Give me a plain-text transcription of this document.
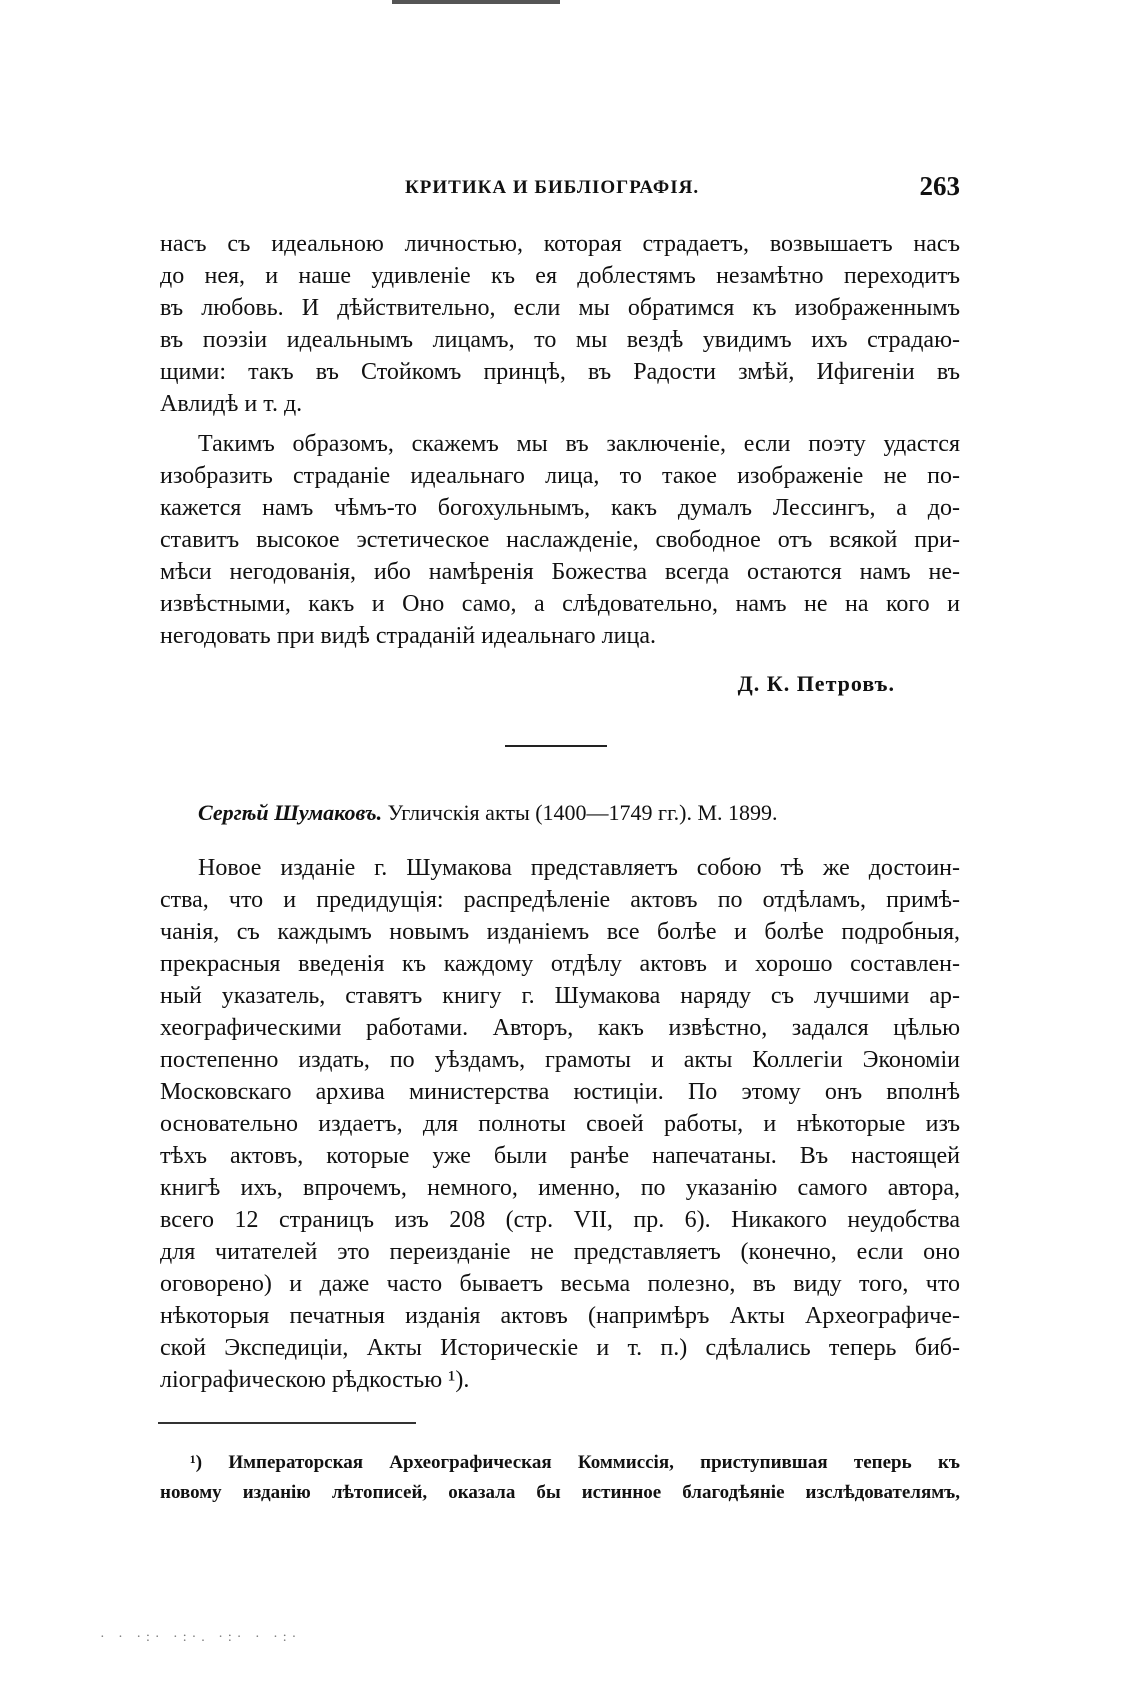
КРИТИКА И БИБЛІОГРАФІЯ.	263
насъ съ идеальною личностью, которая страдаетъ, возвышаетъ насъ
до нея, и наше удивленіе къ ея доблестямъ незамѣтно переходитъ
въ любовь. И дѣйствительно, если мы обратимся къ изображеннымъ
въ поэзіи идеальнымъ лицамъ, то мы вездѣ увидимъ ихъ страдаю-
щими: такъ въ Стойкомъ принцѣ, въ Радости змѣй, Ифигеніи въ
Авлидѣ и т. д.
Такимъ образомъ, скажемъ мы въ заключеніе, если поэту удастся
изобразить страданіе идеальнаго лица, то такое изображеніе не по-
кажется намъ чѣмъ-то богохульнымъ, какъ думалъ Лессингъ, а до-
ставитъ высокое эстетическое наслажденіе, свободное отъ всякой при-
мѣси негодованія, ибо намѣренія Божества всегда остаются намъ не-
извѣстными, какъ и Оно само, а слѣдовательно, намъ не на кого и
негодовать при видѣ страданій идеальнаго лица.
Д. К. Петровъ.
Сергѣй Шумаковъ. Угличскія акты (1400—1749 гг.). М. 1899.
Новое изданіе г. Шумакова представляетъ собою тѣ же достоин-
ства, что и предидущія: распредѣленіе актовъ по отдѣламъ, примѣ-
чанія, съ каждымъ новымъ изданіемъ все болѣе и болѣе подробныя,
прекрасныя введенія къ каждому отдѣлу актовъ и хорошо составлен-
ный указатель, ставятъ книгу г. Шумакова наряду съ лучшими ар-
хеографическими работами. Авторъ, какъ извѣстно, задался цѣлью
постепенно издать, по уѣздамъ, грамоты и акты Коллегіи Экономіи
Московскаго архива министерства юстиціи. По этому онъ вполнѣ
основательно издаетъ, для полноты своей работы, и нѣкоторые изъ
тѣхъ актовъ, которые уже были ранѣе напечатаны. Въ настоящей
книгѣ ихъ, впрочемъ, немного, именно, по указанію самого автора,
всего 12 страницъ изъ 208 (стр. VII, пр. 6). Никакого неудобства
для читателей это переизданіе не представляетъ (конечно, если оно
оговорено) и даже часто бываетъ весьма полезно, въ виду того, что
нѣкоторыя печатныя изданія актовъ (напримѣръ Акты Археографиче-
ской Экспедиціи, Акты Историческіе и т. п.) сдѣлались теперь биб-
ліографическою рѣдкостью ¹).
¹) Императорская Археографическая Коммиссія, приступившая теперь къ
новому изданію лѣтописей, оказала бы истинное благодѣяніе изслѣдователямъ,
· · ·:· ·:·. ·:· · ·:·
